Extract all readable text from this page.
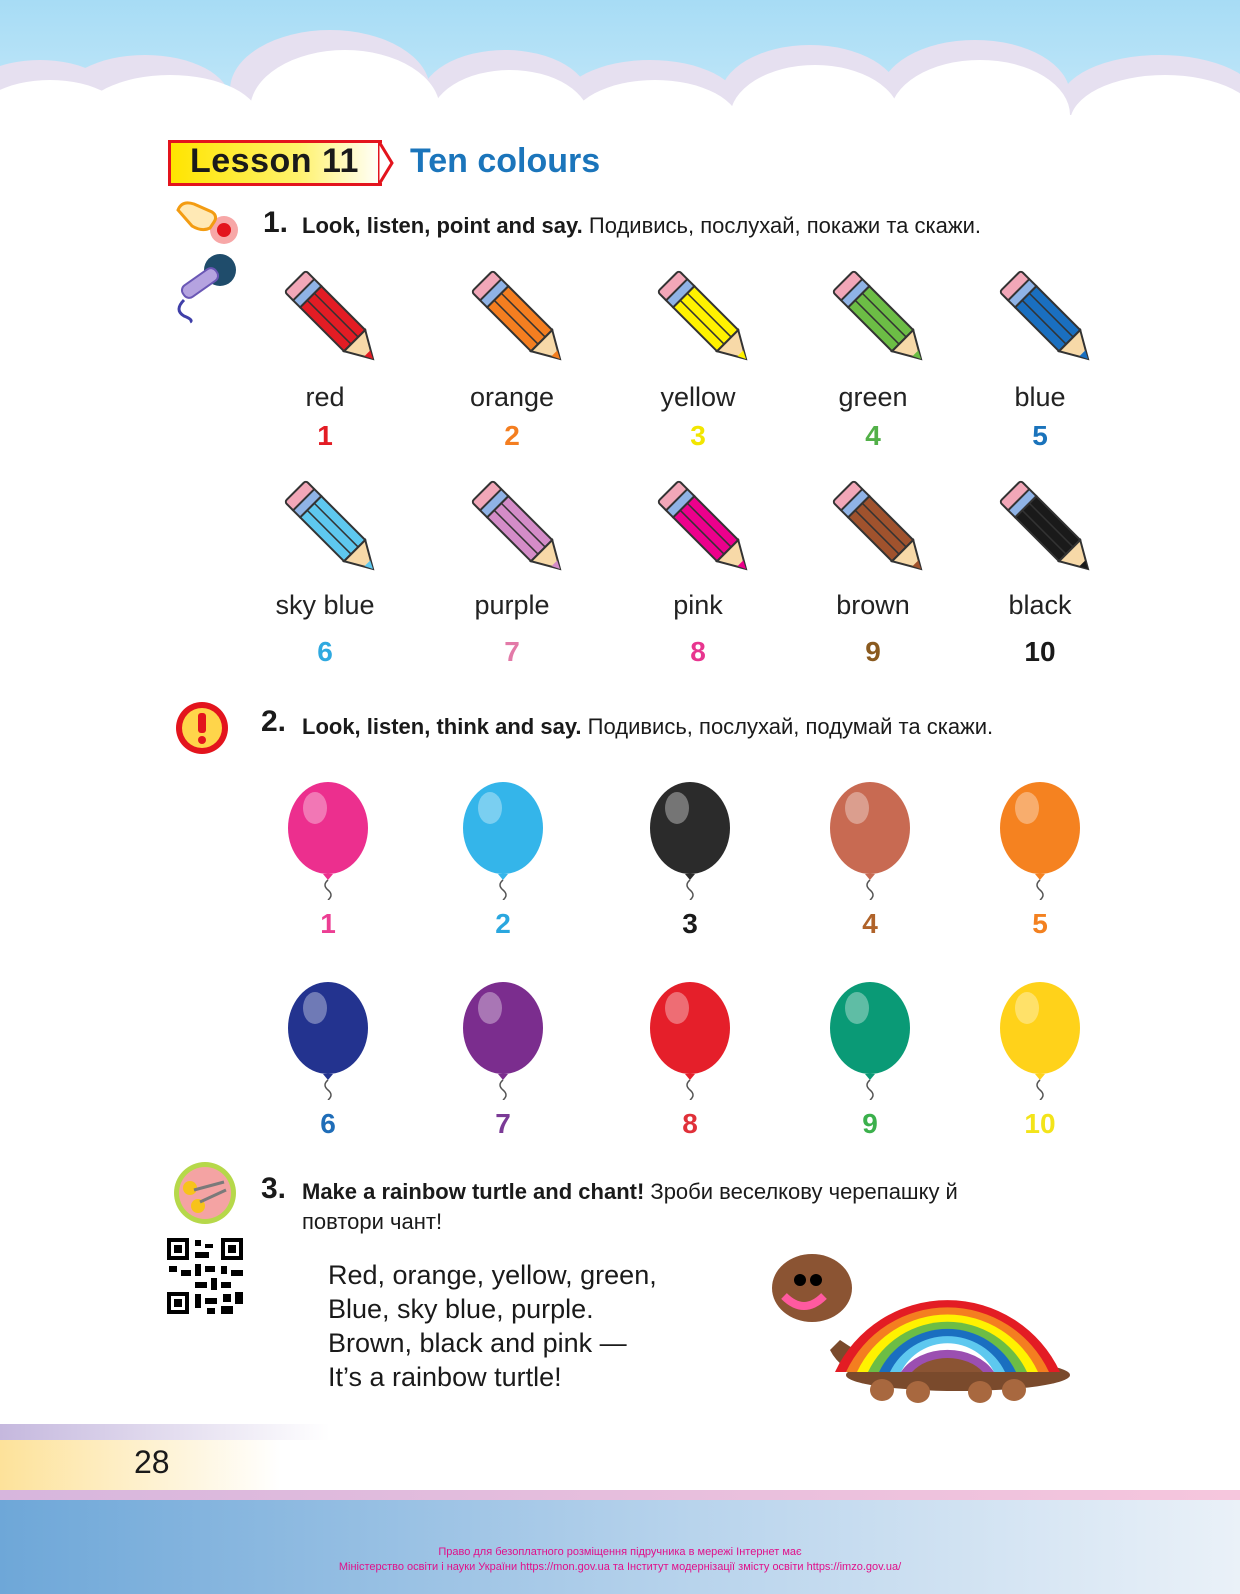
Lesson 11 Ten colours
1. Look, listen, point and say. Подивись, послухай, покажи та скажи.
red
1
orange
2
yellow
3
green
4
blue
5
sky blue
6
purple
7
pink
8
brown
9
black
10
2. Look, listen, think and say. Подивись, послухай, подумай та скажи.
1	2	3	4	5
6	7	8	9	10
3. Make a rainbow turtle and chant! Зроби веселкову черепашку й
повтори чант!
Red, orange, yellow, green,
Blue, sky blue, purple.
Brown, black and pink —
It’s a rainbow turtle!
28
Право для безоплатного розміщення підручника в мережі Інтернет має
Міністерство освіти і науки України https://mon.gov.ua та Інститут модернізації змісту освіти https://imzo.gov.ua/
